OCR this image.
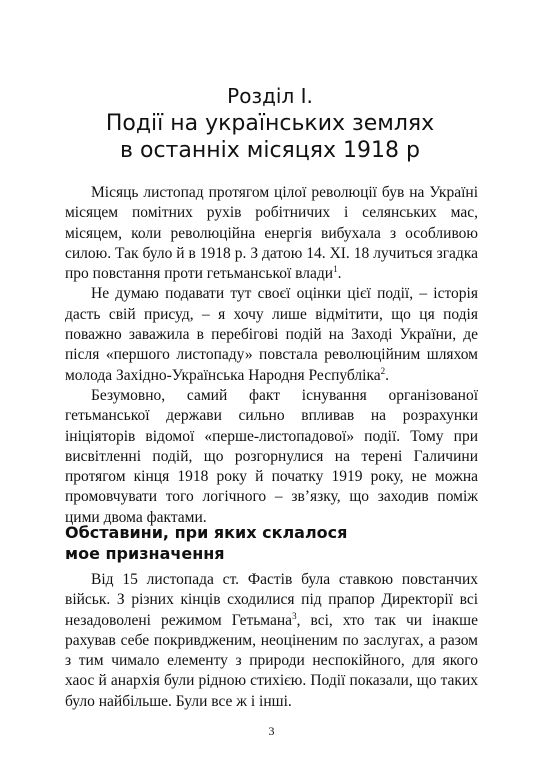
Розділ І.
Події на українських землях
в останніх місяцях 1918 р

Місяць листопад протягом цілої революції був на Україні місяцем помітних рухів робітничих і селянських мас, місяцем, коли революційна енергія вибухала з особливою силою. Так було й в 1918 р. З датою 14. XI. 18 лучиться згадка про повстання проти гетьманської влади$^1$.

Не думаю подавати тут своєї оцінки цієї події, – історія дасть свій присуд, – я хочу лише відмітити, що ця подія поважно заважила в перебігові подій на Заході України, де після «першого листопаду» повстала революційним шляхом молода Західно-Українська Народня Республіка$^2$.

Безумовно, самий факт існування організованої гетьманської держави сильно впливав на розрахунки ініціяторів відомої «перше-листопадової» події. Тому при висвітленні подій, що розгорнулися на терені Галичини протягом кінця 1918 року й початку 1919 року, не можна промовчувати того логічного – зв’язку, що заходив поміж цими двома фактами.

Обставини, при яких склалося
мое призначення

Від 15 листопада ст. Фастів була ставкою повстанчих військ. З різних кінців сходилися під прапор Директорії всі незадоволені режимом Гетьмана$^3$, всі, хто так чи інакше рахував себе покривдженим, неоціненим по заслугах, а разом з тим чимало елементу з природи неспокійного, для якого хаос й анархія були рідною стихією. Події показали, що таких було найбільше. Були все ж і інші.

3
